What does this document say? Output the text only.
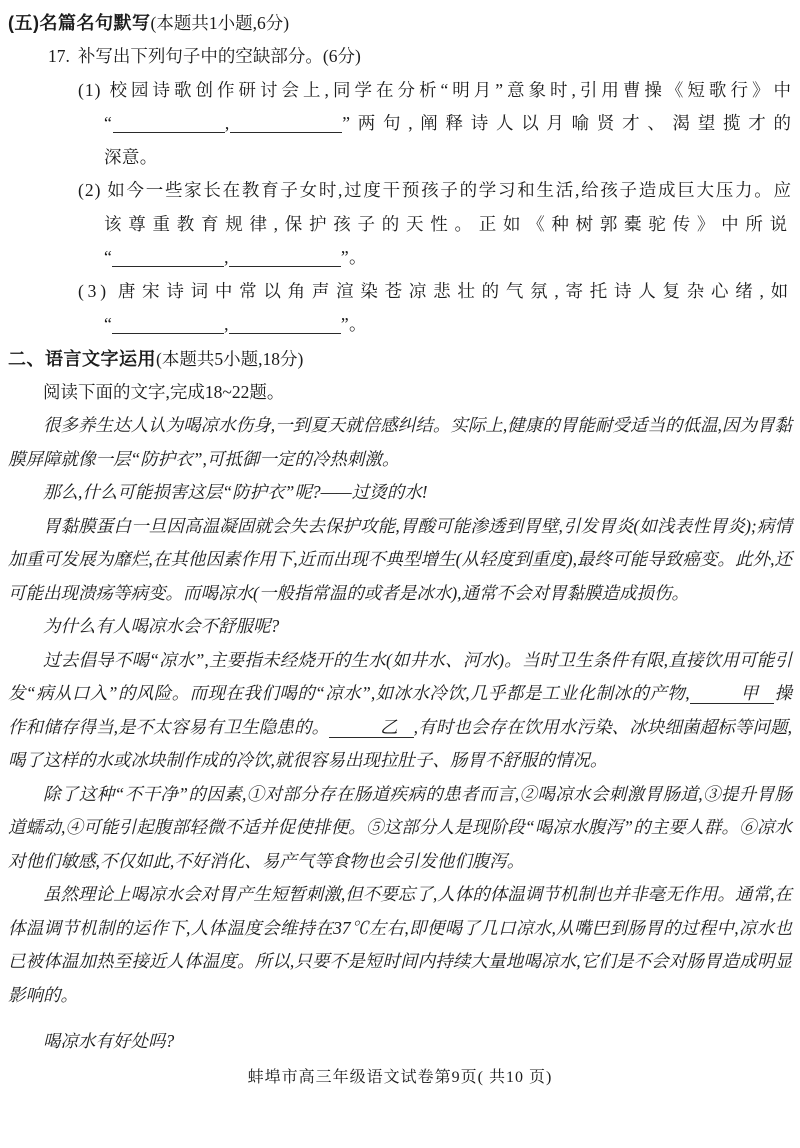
(五)名篇名句默写(本题共1小题,6分)
17. 补写出下列句子中的空缺部分。(6分)
(1) 校园诗歌创作研讨会上,同学在分析“明月”意象时,引用曹操《短歌行》中
“	,	”两句,阐释诗人以月喻贤才、渴望揽才的
深意。
(2) 如今一些家长在教育子女时,过度干预孩子的学习和生活,给孩子造成巨大压力。应
该尊重教育规律,保护孩子的天性。正如《种树郭橐驼传》中所说
“	,	”。
(3) 唐宋诗词中常以角声渲染苍凉悲壮的气氛,寄托诗人复杂心绪,如
“	,	”。
二、语言文字运用(本题共5小题,18分)

阅读下面的文字,完成18~22题。

很多养生达人认为喝凉水伤身,一到夏天就倍感纠结。实际上,健康的胃能耐受适当的低温,因为胃黏膜屏障就像一层“防护衣”,可抵御一定的冷热刺激。

那么,什么可能损害这层“防护衣”呢?——过烫的水!

胃黏膜蛋白一旦因高温凝固就会失去保护攻能,胃酸可能渗透到胃壁,引发胃炎(如浅表性胃炎);病情加重可发展为靡烂,在其他因素作用下,近而出现不典型增生(从轻度到重度),最终可能导致癌变。此外,还可能出现溃疡等病变。而喝凉水(一般指常温的或者是冰水),通常不会对胃黏膜造成损伤。

为什么有人喝凉水会不舒服呢?

过去倡导不喝“凉水”,主要指未经烧开的生水(如井水、河水)。当时卫生条件有限,直接饮用可能引发“病从口入”的风险。而现在我们喝的“凉水”,如冰水冷饮,几乎都是工业化制冰的产物,	甲 操作和储存得当,是不太容易有卫生隐患的。	乙 ,有时也会存在饮用水污染、冰块细菌超标等问题,喝了这样的水或冰块制作成的冷饮,就很容易出现拉肚子、肠胃不舒服的情况。

除了这种“不干净”的因素,①对部分存在肠道疾病的患者而言,②喝凉水会刺激胃肠道,③提升胃肠道蠕动,④可能引起腹部轻微不适并促使排便。⑤这部分人是现阶段“喝凉水腹泻”的主要人群。⑥凉水对他们敏感,不仅如此,不好消化、易产气等食物也会引发他们腹泻。

虽然理论上喝凉水会对胃产生短暂刺激,但不要忘了,人体的体温调节机制也并非毫无作用。通常,在体温调节机制的运作下,人体温度会维持在37℃左右,即便喝了几口凉水,从嘴巴到肠胃的过程中,凉水也已被体温加热至接近人体温度。所以,只要不是短时间内持续大量地喝凉水,它们是不会对肠胃造成明显影响的。

喝凉水有好处吗?

蚌埠市高三年级语文试卷第9页( 共10 页)
